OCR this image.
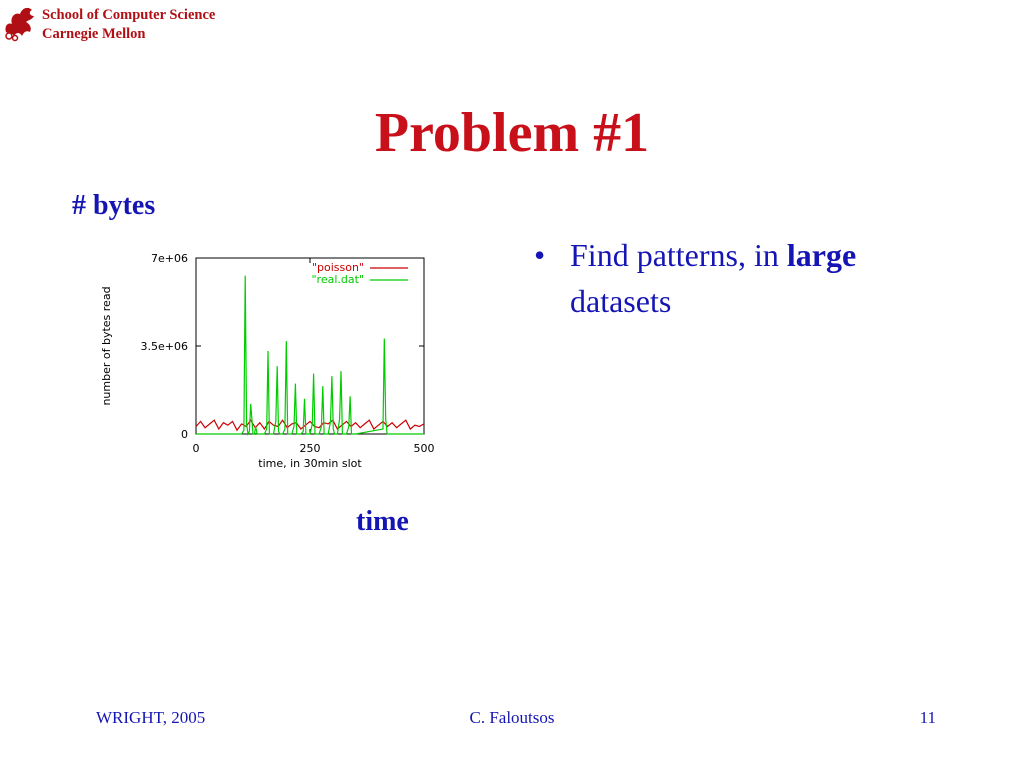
School of Computer Science
Carnegie Mellon
Problem #1
# bytes
time
0
3.5e+06
7e+06
0	250	500
time, in 30min slot
number of bytes read
"poisson"
"real.dat"
• Find patterns, in large
datasets
WRIGHT, 2005	C. Faloutsos	11
